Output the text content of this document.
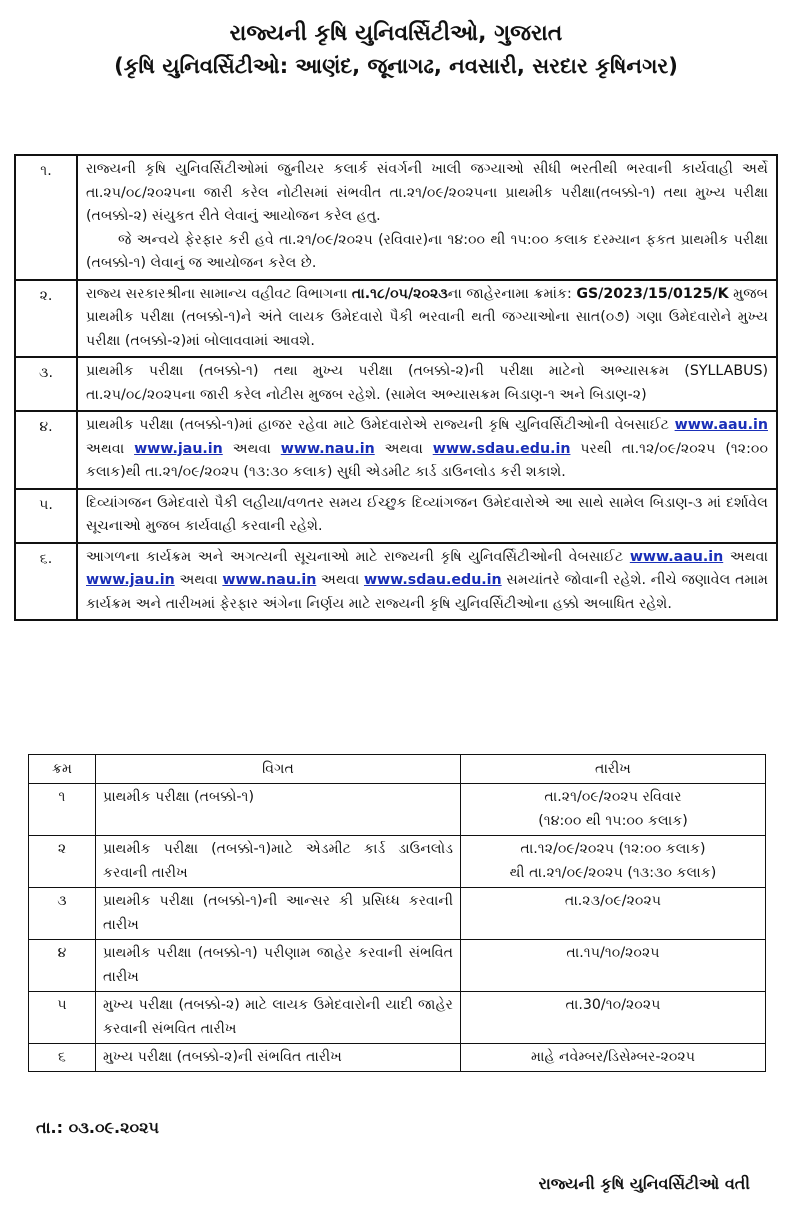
રાજ્યની કૃષિ યુનિવર્સિટીઓ, ગુજરાત
(કૃષિ યુનિવર્સિટીઓ: આણંદ, જૂનાગઢ, નવસારી, સરદાર કૃષિનગર)
૧.	રાજ્યની કૃષિ યુનિવર્સિટીઓમાં જુનીયર કલાર્ક સંવર્ગની ખાલી જગ્યાઓ સીધી ભરતીથી ભરવાની કાર્યવાહી અર્થે તા.૨૫/૦૮/૨૦૨૫ના જારી કરેલ નોટીસમાં સંભવીત તા.૨૧/૦૯/૨૦૨૫ના પ્રાથમીક પરીક્ષા(તબક્કો-૧) તથા મુખ્ય પરીક્ષા (તબક્કો-૨) સંયુકત રીતે લેવાનું આયોજન કરેલ હતુ.
જે અન્વયે ફેરફાર કરી હવે તા.૨૧/૦૯/૨૦૨૫ (રવિવાર)ના ૧૪:૦૦ થી ૧૫:૦૦ કલાક દરમ્યાન ફકત પ્રાથમીક પરીક્ષા (તબક્કો-૧) લેવાનું જ આયોજન કરેલ છે.

૨.	રાજ્ય સરકારશ્રીના સામાન્ય વહીવટ વિભાગના તા.૧૮/૦૫/૨૦૨૩ના જાહેરનામા ક્રમાંક: GS/2023/15/0125/K મુજબ પ્રાથમીક પરીક્ષા (તબક્કો-૧)ને અંતે લાયક ઉમેદવારો પૈકી ભરવાની થતી જગ્યાઓના સાત(૦૭) ગણા ઉમેદવારોને મુખ્ય પરીક્ષા (તબક્કો-૨)માં બોલાવવામાં આવશે.
૩.	પ્રાથમીક પરીક્ષા (તબક્કો-૧) તથા મુખ્ય પરીક્ષા (તબક્કો-૨)ની પરીક્ષા માટેનો અભ્યાસક્રમ (SYLLABUS) તા.૨૫/૦૮/૨૦૨૫ના જારી કરેલ નોટીસ મુજબ રહેશે. (સામેલ અભ્યાસક્રમ બિડાણ-૧ અને બિડાણ-૨)
૪.	પ્રાથમીક પરીક્ષા (તબક્કો-૧)માં હાજર રહેવા માટે ઉમેદવારોએ રાજ્યની કૃષિ યુનિવર્સિટીઓની વેબસાઈટ www.aau.in અથવા www.jau.in અથવા www.nau.in અથવા www.sdau.edu.in પરથી તા.૧૨/૦૯/૨૦૨૫ (૧૨:૦૦ કલાક)થી તા.૨૧/૦૯/૨૦૨૫ (૧૩:૩૦ કલાક) સુધી એડમીટ કાર્ડ ડાઉનલોડ કરી શકાશે.
૫.	દિવ્યાંગજન ઉમેદવારો પૈકી લહીયા/વળતર સમય ઈચ્છુક દિવ્યાંગજન ઉમેદવારોએ આ સાથે સામેલ બિડાણ-૩ માં દર્શાવેલ સૂચનાઓ મુજબ કાર્યવાહી કરવાની રહેશે.
૬.	આગળના કાર્યક્રમ અને અગત્યની સૂચનાઓ માટે રાજ્યની કૃષિ યુનિવર્સિટીઓની વેબસાઈટ www.aau.in અથવા www.jau.in અથવા www.nau.in અથવા www.sdau.edu.in સમયાંતરે જોવાની રહેશે. નીચે જણાવેલ તમામ કાર્યક્રમ અને તારીખમાં ફેરફાર અંગેના નિર્ણય માટે રાજ્યની કૃષિ યુનિવર્સિટીઓના હક્કો અબાધિત રહેશે.
ક્રમ	વિગત	તારીખ
૧	પ્રાથમીક પરીક્ષા (તબક્કો-૧)	તા.૨૧/૦૯/૨૦૨૫ રવિવાર
(૧૪:૦૦ થી ૧૫:૦૦ કલાક)

૨	પ્રાથમીક પરીક્ષા (તબક્કો-૧)માટે એડમીટ કાર્ડ ડાઉનલોડ કરવાની તારીખ	તા.૧૨/૦૯/૨૦૨૫ (૧૨:૦૦ કલાક)
થી તા.૨૧/૦૯/૨૦૨૫ (૧૩:૩૦ કલાક)

૩	પ્રાથમીક પરીક્ષા (તબક્કો-૧)ની આન્સર કી પ્રસિધ્ધ કરવાની તારીખ	તા.૨૩/૦૯/૨૦૨૫

૪	પ્રાથમીક પરીક્ષા (તબક્કો-૧) પરીણામ જાહેર કરવાની સંભવિત તારીખ	તા.૧૫/૧૦/૨૦૨૫

૫	મુખ્ય પરીક્ષા (તબક્કો-૨) માટે લાયક ઉમેદવારોની યાદી જાહેર કરવાની સંભવિત તારીખ	તા.30/૧૦/૨૦૨૫

૬	મુખ્ય પરીક્ષા (તબક્કો-૨)ની સંભવિત તારીખ	માહે નવેમ્બર/ડિસેમ્બર-૨૦૨૫
તા.: ૦૩.૦૯.૨૦૨૫
રાજ્યની કૃષિ યુનિવર્સિટીઓ વતી
